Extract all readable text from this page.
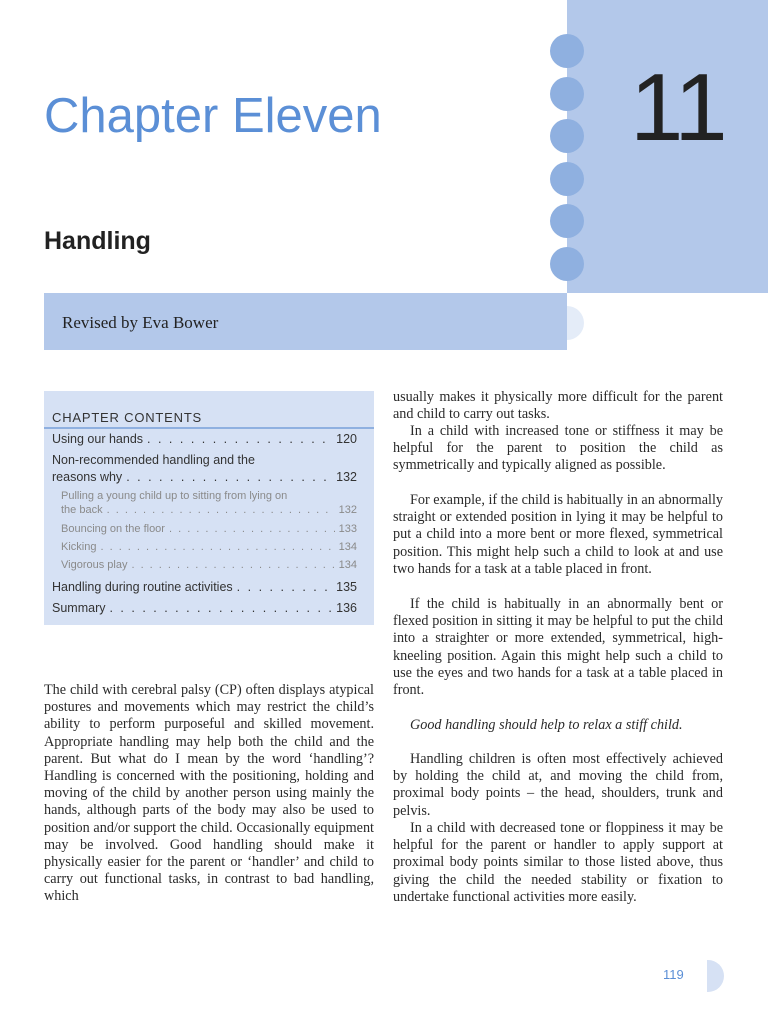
11
Chapter Eleven
Handling
Revised by Eva Bower
CHAPTER CONTENTS
Using our hands . . .	120
Non-recommended handling and the
reasons why . . .	132
Pulling a young child up to sitting from lying on
the back . . .	132
Bouncing on the floor . . .	133
Kicking . . .	134
Vigorous play . . .	134
Handling during routine activities . . .	135
Summary . . .	136

The child with cerebral palsy (CP) often displays atypical postures and movements which may restrict the child’s ability to perform purposeful and skilled movement. Appropriate handling may help both the child and the parent. But what do I mean by the word ‘handling’? Handling is concerned with the positioning, holding and moving of the child by another person using mainly the hands, although parts of the body may also be used to position and/or support the child. Occasionally equipment may be involved. Good handling should make it physically easier for the parent or ‘handler’ and child to carry out functional tasks, in contrast to bad handling, which

usually makes it physically more difficult for the parent and child to carry out tasks.

In a child with increased tone or stiffness it may be helpful for the parent to position the child as symmetrically and typically aligned as possible.

For example, if the child is habitually in an abnormally straight or extended position in lying it may be helpful to put a child into a more bent or more flexed, symmetrical position. This might help such a child to look at and use two hands for a task at a table placed in front.

If the child is habitually in an abnormally bent or flexed position in sitting it may be helpful to put the child into a straighter or more extended, symmetrical, high-kneeling position. Again this might help such a child to use the eyes and two hands for a task at a table placed in front.

Good handling should help to relax a stiff child.

Handling children is often most effectively achieved by holding the child at, and moving the child from, proximal body points – the head, shoulders, trunk and pelvis.

In a child with decreased tone or floppiness it may be helpful for the parent or handler to apply support at proximal body points similar to those listed above, thus giving the child the needed stability or fixation to undertake functional activities more easily.

119
